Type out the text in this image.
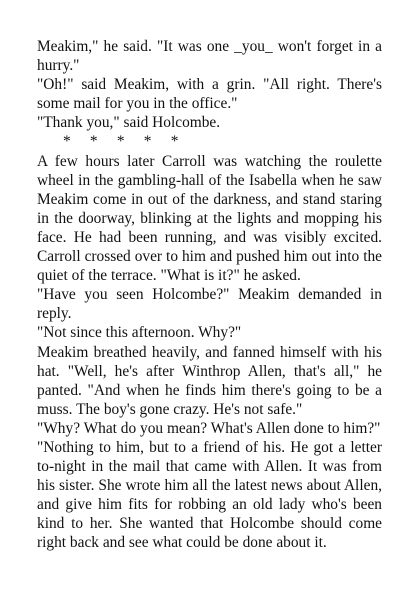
Meakim," he said. "It was one _you_ won't forget in a hurry."

"Oh!" said Meakim, with a grin. "All right. There's some mail for you in the office."

"Thank you," said Holcombe.

*     *     *     *     *

A few hours later Carroll was watching the roulette wheel in the gambling-hall of the Isabella when he saw Meakim come in out of the darkness, and stand staring in the doorway, blinking at the lights and mopping his face. He had been running, and was visibly excited. Carroll crossed over to him and pushed him out into the quiet of the terrace. "What is it?" he asked.

"Have you seen Holcombe?" Meakim demanded in reply.

"Not since this afternoon. Why?"

Meakim breathed heavily, and fanned himself with his hat. "Well, he's after Winthrop Allen, that's all," he panted. "And when he finds him there's going to be a muss. The boy's gone crazy. He's not safe."

"Why? What do you mean? What's Allen done to him?"

"Nothing to him, but to a friend of his. He got a letter to-night in the mail that came with Allen. It was from his sister. She wrote him all the latest news about Allen, and give him fits for robbing an old lady who's been kind to her. She wanted that Holcombe should come right back and see what could be done about it.
